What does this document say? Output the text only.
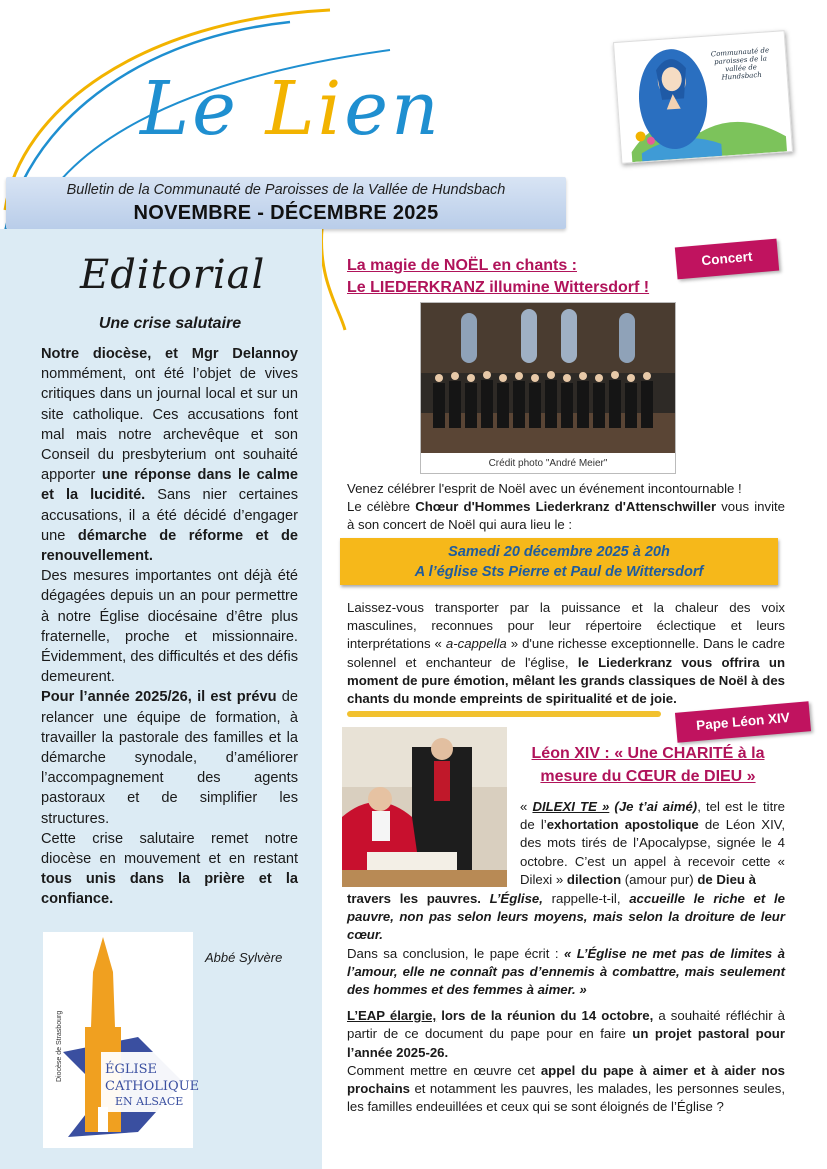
Le Lien
Communauté de paroisses de la vallée de Hundsbach
Bulletin de la Communauté de Paroisses de la Vallée de Hundsbach
NOVEMBRE - DÉCEMBRE 2025
Editorial
Une crise salutaire

Notre diocèse, et Mgr Delannoy nommément, ont été l’objet de vives critiques dans un journal local et sur un site catholique. Ces accusations font mal mais notre archevêque et son Conseil du presbyterium ont souhaité apporter une réponse dans le calme et la lucidité. Sans nier certaines accusations, il a été décidé d’engager une démarche de réforme et de renouvellement.

Des mesures importantes ont déjà été dégagées depuis un an pour permettre à notre Église diocésaine d’être plus fraternelle, proche et missionnaire. Évidemment, des difficultés et des défis demeurent.

Pour l’année 2025/26, il est prévu de relancer une équipe de formation, à travailler la pastorale des familles et la démarche synodale, d’améliorer l’accompagnement des agents pastoraux et de simplifier les structures.

Cette crise salutaire remet notre diocèse en mouvement et en restant tous unis dans la prière et la confiance.

Diocèse de Strasbourg	ÉGLISE
CATHOLIQUE
EN ALSACE
Abbé Sylvère
Concert
La magie de NOËL en chants :
Le LIEDERKRANZ illumine Wittersdorf !
Crédit photo "André Meier"

Venez célébrer l'esprit de Noël avec un événement incontournable !

Le célèbre Chœur d'Hommes Liederkranz d'Attenschwiller vous invite à son concert de Noël qui aura lieu le :

Samedi 20 décembre 2025 à 20h
A l’église Sts Pierre et Paul de Wittersdorf

Laissez-vous transporter par la puissance et la chaleur des voix masculines, reconnues pour leur répertoire éclectique et leurs interprétations « a-cappella » d'une richesse exceptionnelle. Dans le cadre solennel et enchanteur de l'église, le Liederkranz vous offrira un moment de pure émotion, mêlant les grands classiques de Noël à des chants du monde empreints de spiritualité et de joie.

Pape Léon XIV
Léon XIV : « Une CHARITÉ à la
mesure du CŒUR de DIEU »

« DILEXI TE » (Je t’ai aimé), tel est le titre de l’exhortation apostolique de Léon XIV, des mots tirés de l’Apocalypse, signée le 4 octobre. C’est un appel à recevoir cette « Dilexi » dilection (amour pur) de Dieu à

travers les pauvres. L’Église, rappelle-t-il, accueille le riche et le pauvre, non pas selon leurs moyens, mais selon la droiture de leur cœur.

Dans sa conclusion, le pape écrit : « L’Église ne met pas de limites à l’amour, elle ne connaît pas d’ennemis à combattre, mais seulement des hommes et des femmes à aimer. »

L’EAP élargie, lors de la réunion du 14 octobre, a souhaité réfléchir à partir de ce document du pape pour en faire un projet pastoral pour l’année 2025-26.

Comment mettre en œuvre cet appel du pape à aimer et à aider nos prochains et notamment les pauvres, les malades, les personnes seules, les familles endeuillées et ceux qui se sont éloignés de l’Église ?
